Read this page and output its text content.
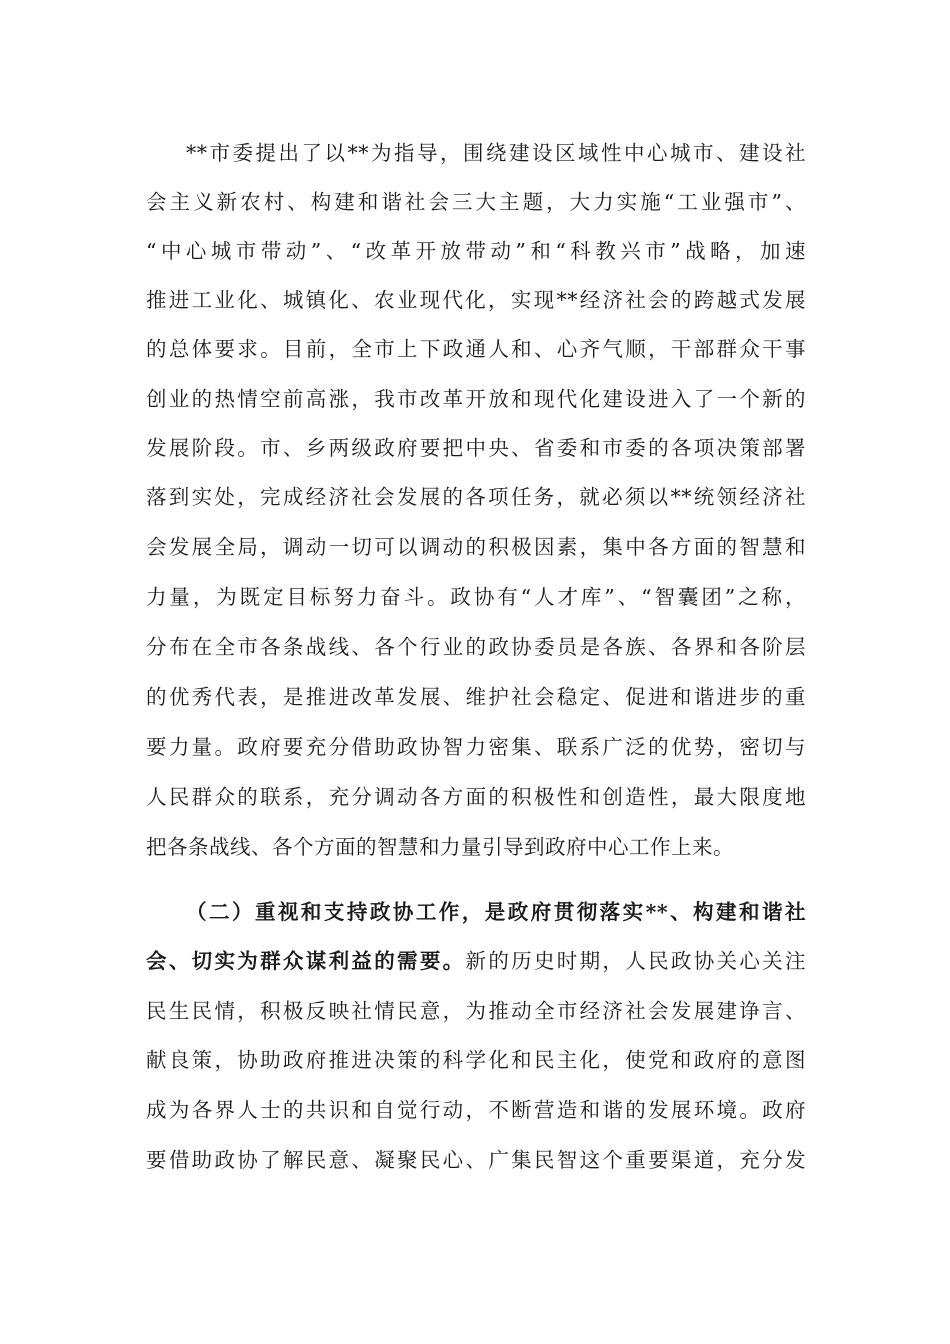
**市委提出了以**为指导，围绕建设区域性中心城市、建设社
会主义新农村、构建和谐社会三大主题，大力实施“工业强市”、
“中心城市带动”、“改革开放带动”和“科教兴市”战略，加速
推进工业化、城镇化、农业现代化，实现**经济社会的跨越式发展
的总体要求。目前，全市上下政通人和、心齐气顺，干部群众干事
创业的热情空前高涨，我市改革开放和现代化建设进入了一个新的
发展阶段。市、乡两级政府要把中央、省委和市委的各项决策部署
落到实处，完成经济社会发展的各项任务，就必须以**统领经济社
会发展全局，调动一切可以调动的积极因素，集中各方面的智慧和
力量，为既定目标努力奋斗。政协有“人才库”、“智囊团”之称，
分布在全市各条战线、各个行业的政协委员是各族、各界和各阶层
的优秀代表，是推进改革发展、维护社会稳定、促进和谐进步的重
要力量。政府要充分借助政协智力密集、联系广泛的优势，密切与
人民群众的联系，充分调动各方面的积极性和创造性，最大限度地
把各条战线、各个方面的智慧和力量引导到政府中心工作上来。
（二）重视和支持政协工作，是政府贯彻落实**、构建和谐社
会、切实为群众谋利益的需要。新的历史时期，人民政协关心关注
民生民情，积极反映社情民意，为推动全市经济社会发展建诤言、
献良策，协助政府推进决策的科学化和民主化，使党和政府的意图
成为各界人士的共识和自觉行动，不断营造和谐的发展环境。政府
要借助政协了解民意、凝聚民心、广集民智这个重要渠道，充分发
